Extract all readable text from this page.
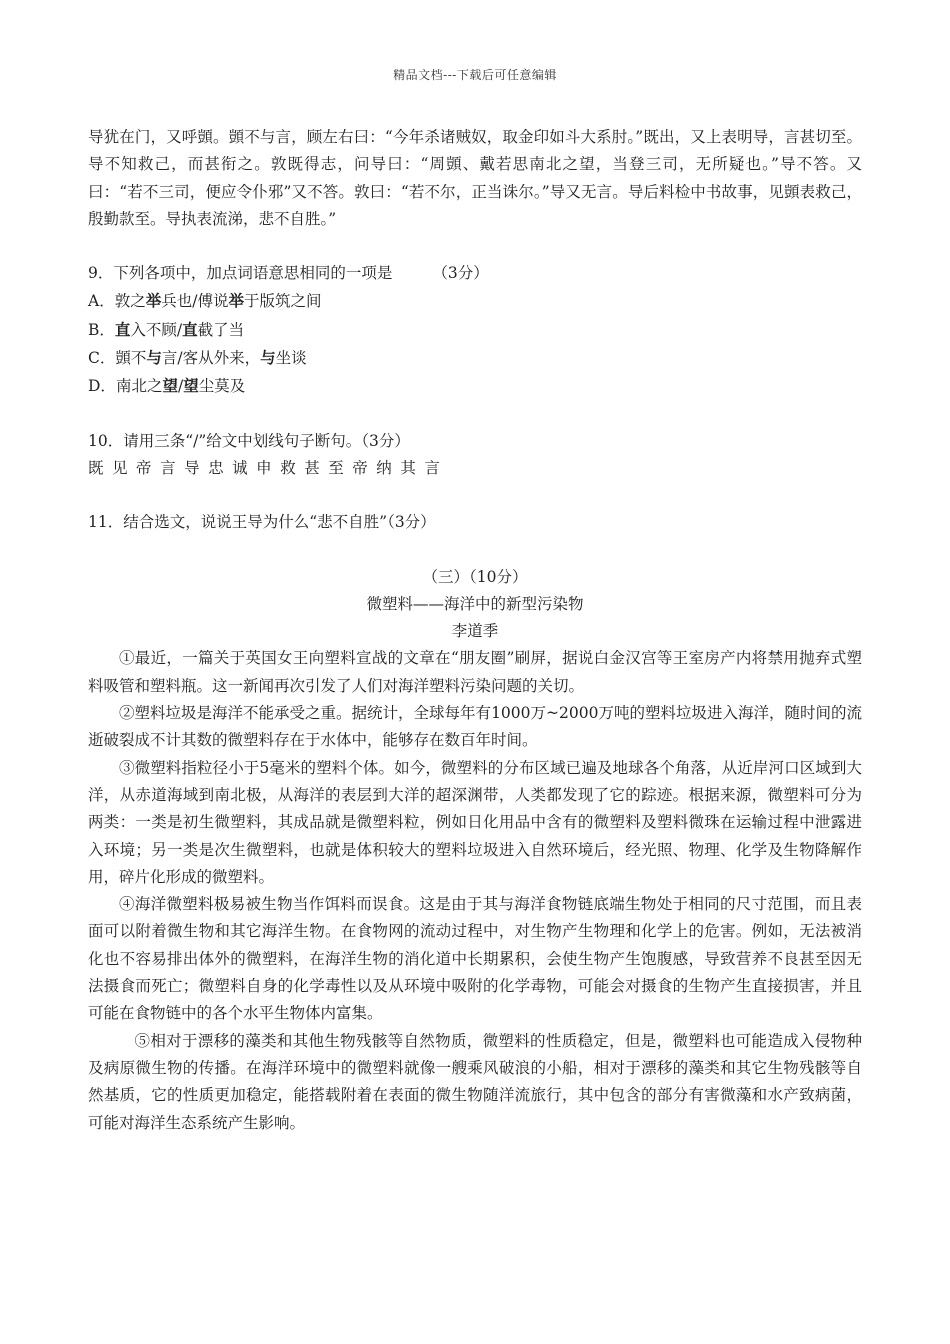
精品文档---下载后可任意编辑

导犹在门，又呼顗。顗不与言，顾左右曰：“今年杀诸贼奴，取金印如斗大系肘。”既出，又上表明导，言甚切至。导不知救己，而甚衔之。敦既得志，问导曰：“周顗、戴若思南北之望，当登三司，无所疑也。”导不答。又曰：“若不三司，便应令仆邪”又不答。敦曰：“若不尔，正当诛尔。”导又无言。导后料检中书故事，见顗表救己，殷勤款至。导执表流涕，悲不自胜。”

9．下列各项中，加点词语意思相同的一项是	（3分）

A．敦之举兵也/傅说举于版筑之间

B．直入不顾/直截了当

C．顗不与言/客从外来，与坐谈

D．南北之望/望尘莫及

10．请用三条“/”给文中划线句子断句。（3分）

既见帝言导忠诚申救甚至帝纳其言

11．结合选文，说说王导为什么“悲不自胜”（3分）

（三）（10分）

微塑料——海洋中的新型污染物

李道季

①最近，一篇关于英国女王向塑料宣战的文章在“朋友圈”刷屏，据说白金汉宫等王室房产内将禁用抛弃式塑料吸管和塑料瓶。这一新闻再次引发了人们对海洋塑料污染问题的关切。

②塑料垃圾是海洋不能承受之重。据统计，全球每年有1000万~2000万吨的塑料垃圾进入海洋，随时间的流逝破裂成不计其数的微塑料存在于水体中，能够存在数百年时间。

③微塑料指粒径小于5毫米的塑料个体。如今，微塑料的分布区域已遍及地球各个角落，从近岸河口区域到大洋，从赤道海域到南北极，从海洋的表层到大洋的超深渊带，人类都发现了它的踪迹。根据来源，微塑料可分为两类：一类是初生微塑料，其成品就是微塑料粒，例如日化用品中含有的微塑料及塑料微珠在运输过程中泄露进入环境；另一类是次生微塑料，也就是体积较大的塑料垃圾进入自然环境后，经光照、物理、化学及生物降解作用，碎片化形成的微塑料。

④海洋微塑料极易被生物当作饵料而误食。这是由于其与海洋食物链底端生物处于相同的尺寸范围，而且表面可以附着微生物和其它海洋生物。在食物网的流动过程中，对生物产生物理和化学上的危害。例如，无法被消化也不容易排出体外的微塑料，在海洋生物的消化道中长期累积，会使生物产生饱腹感，导致营养不良甚至因无法摄食而死亡；微塑料自身的化学毒性以及从环境中吸附的化学毒物，可能会对摄食的生物产生直接损害，并且可能在食物链中的各个水平生物体内富集。

⑤相对于漂移的藻类和其他生物残骸等自然物质，微塑料的性质稳定，但是，微塑料也可能造成入侵物种及病原微生物的传播。在海洋环境中的微塑料就像一艘乘风破浪的小船，相对于漂移的藻类和其它生物残骸等自然基质，它的性质更加稳定，能搭载附着在表面的微生物随洋流旅行，其中包含的部分有害微藻和水产致病菌，可能对海洋生态系统产生影响。
